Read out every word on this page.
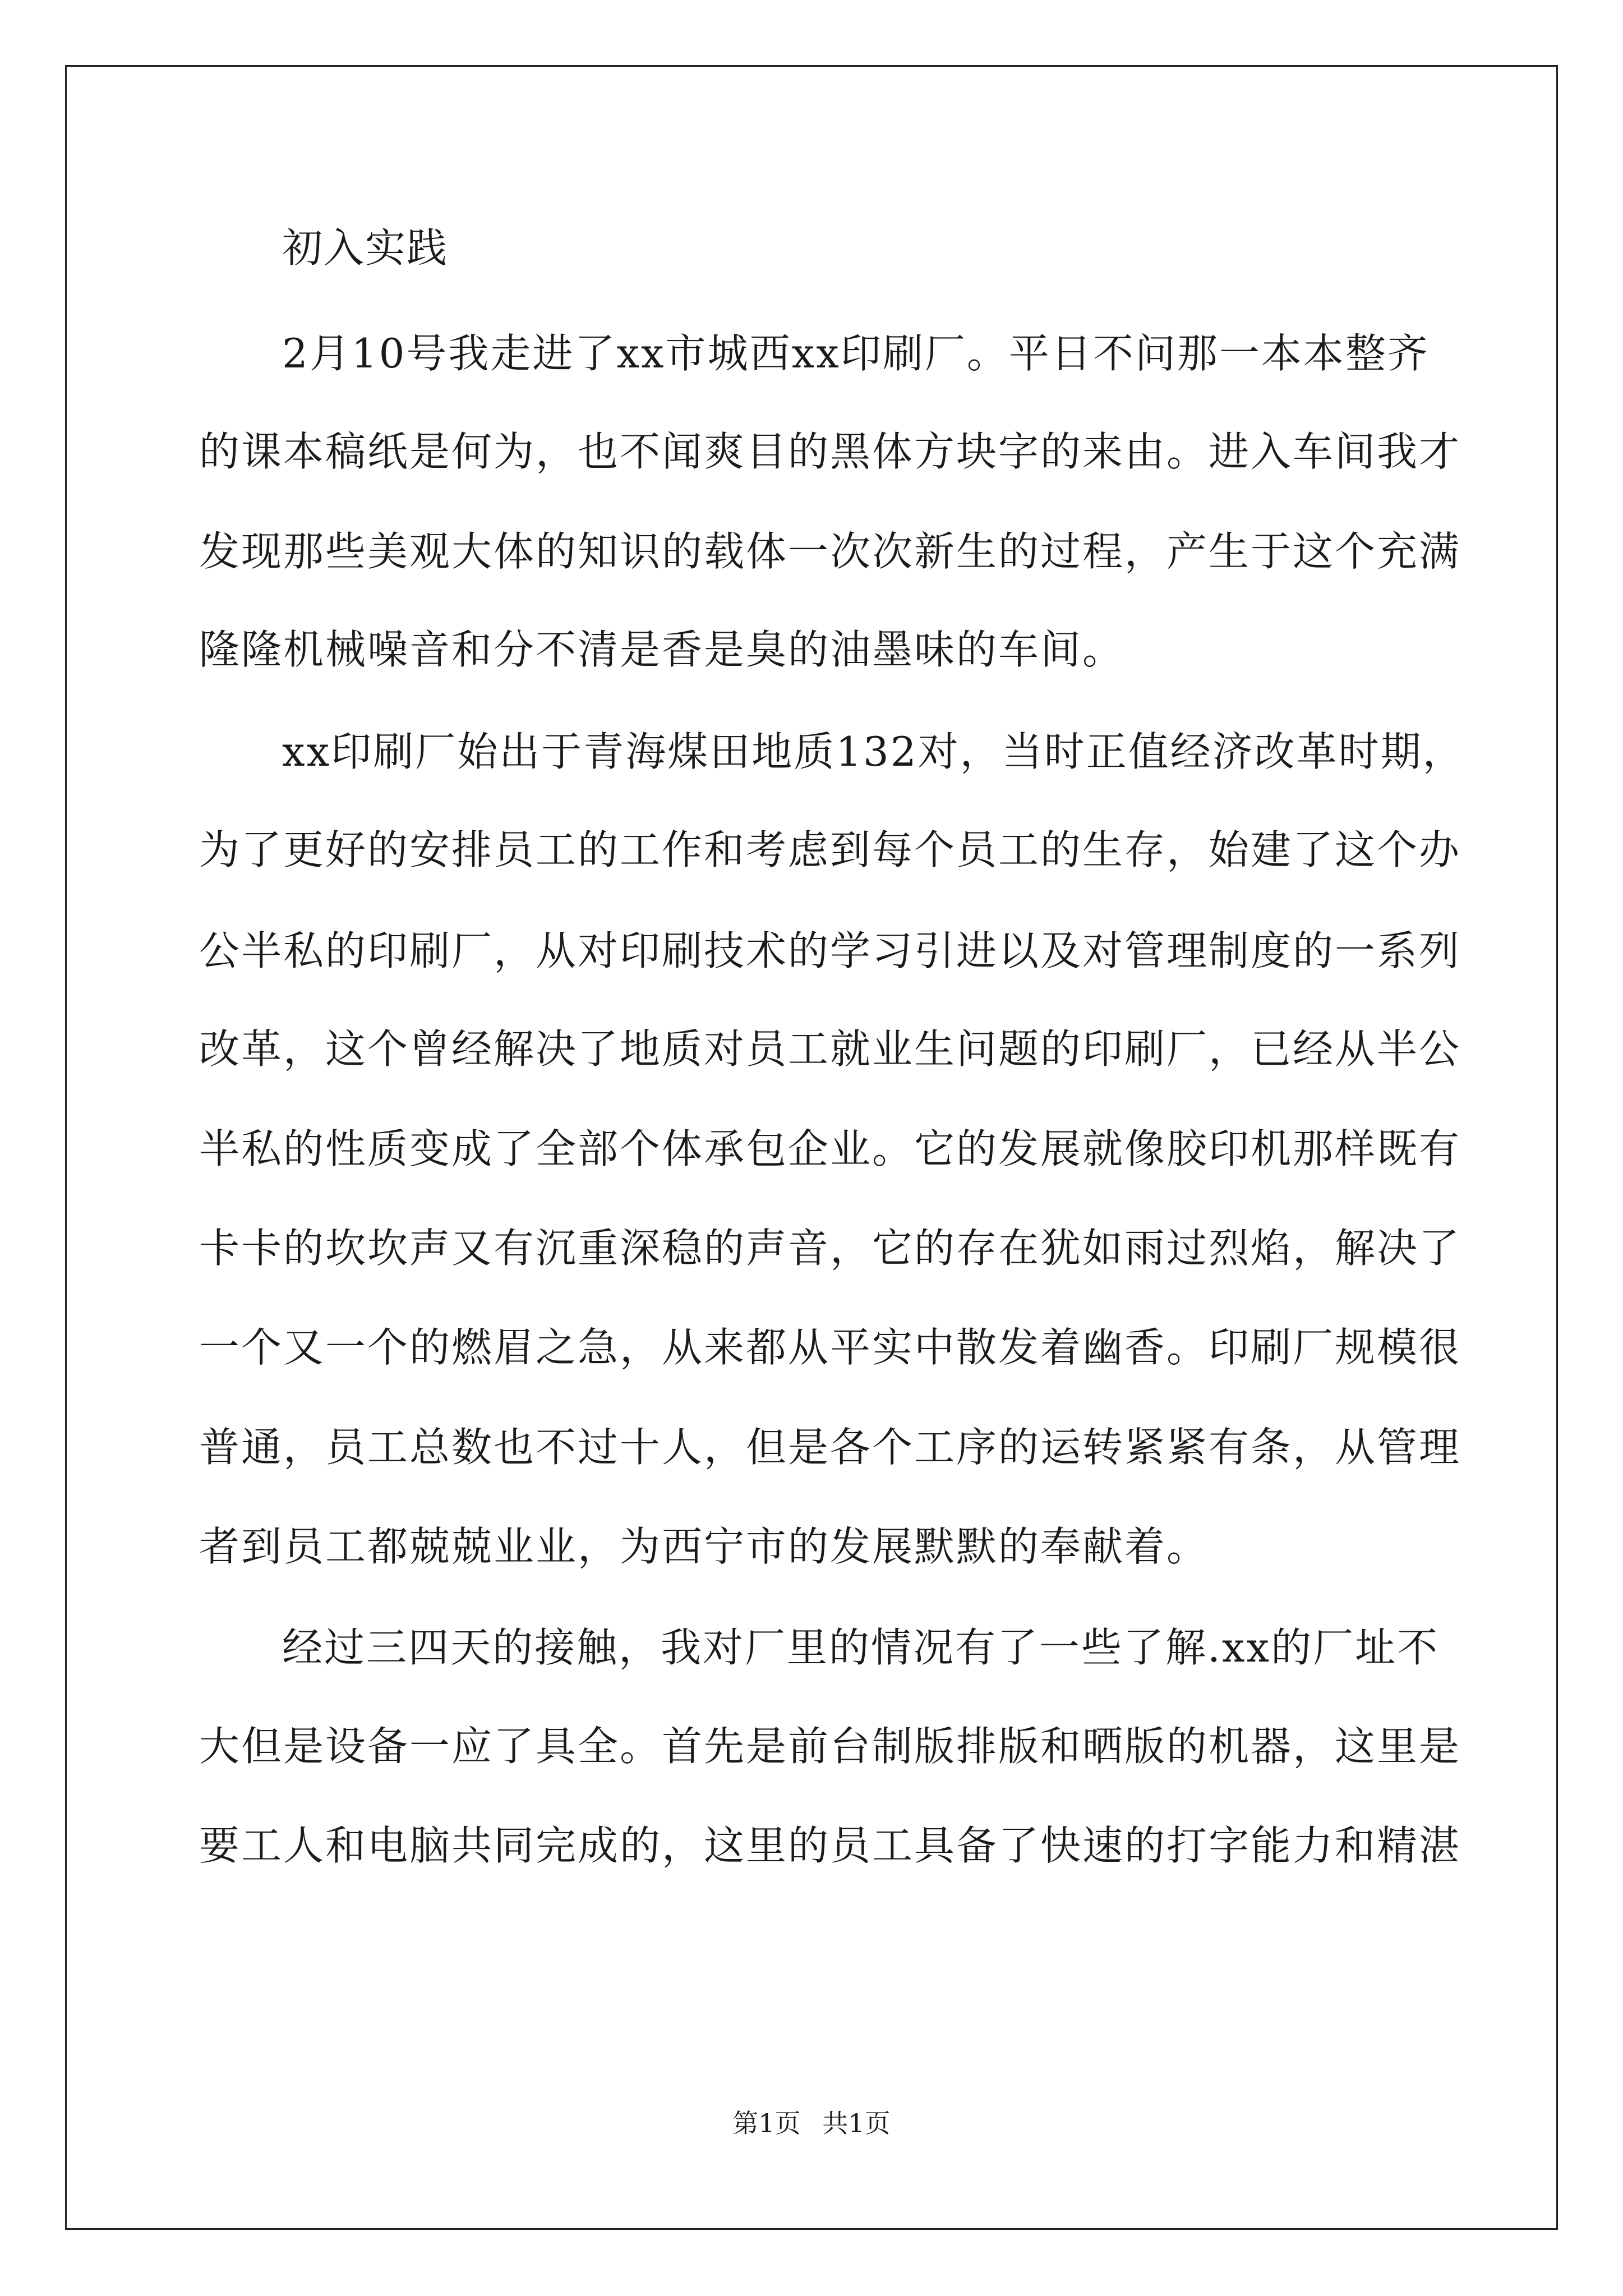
初入实践
2月10号我走进了xx市城西xx印刷厂。平日不问那一本本整齐
的课本稿纸是何为，也不闻爽目的黑体方块字的来由。进入车间我才
发现那些美观大体的知识的载体一次次新生的过程，产生于这个充满
隆隆机械噪音和分不清是香是臭的油墨味的车间。
xx印刷厂始出于青海煤田地质132对，当时正值经济改革时期，
为了更好的安排员工的工作和考虑到每个员工的生存，始建了这个办
公半私的印刷厂，从对印刷技术的学习引进以及对管理制度的一系列
改革，这个曾经解决了地质对员工就业生问题的印刷厂，已经从半公
半私的性质变成了全部个体承包企业。它的发展就像胶印机那样既有
卡卡的坎坎声又有沉重深稳的声音，它的存在犹如雨过烈焰，解决了
一个又一个的燃眉之急，从来都从平实中散发着幽香。印刷厂规模很
普通，员工总数也不过十人，但是各个工序的运转紧紧有条，从管理
者到员工都兢兢业业，为西宁市的发展默默的奉献着。
经过三四天的接触，我对厂里的情况有了一些了解.xx的厂址不
大但是设备一应了具全。首先是前台制版排版和晒版的机器，这里是
要工人和电脑共同完成的，这里的员工具备了快速的打字能力和精湛
第1页 共1页
